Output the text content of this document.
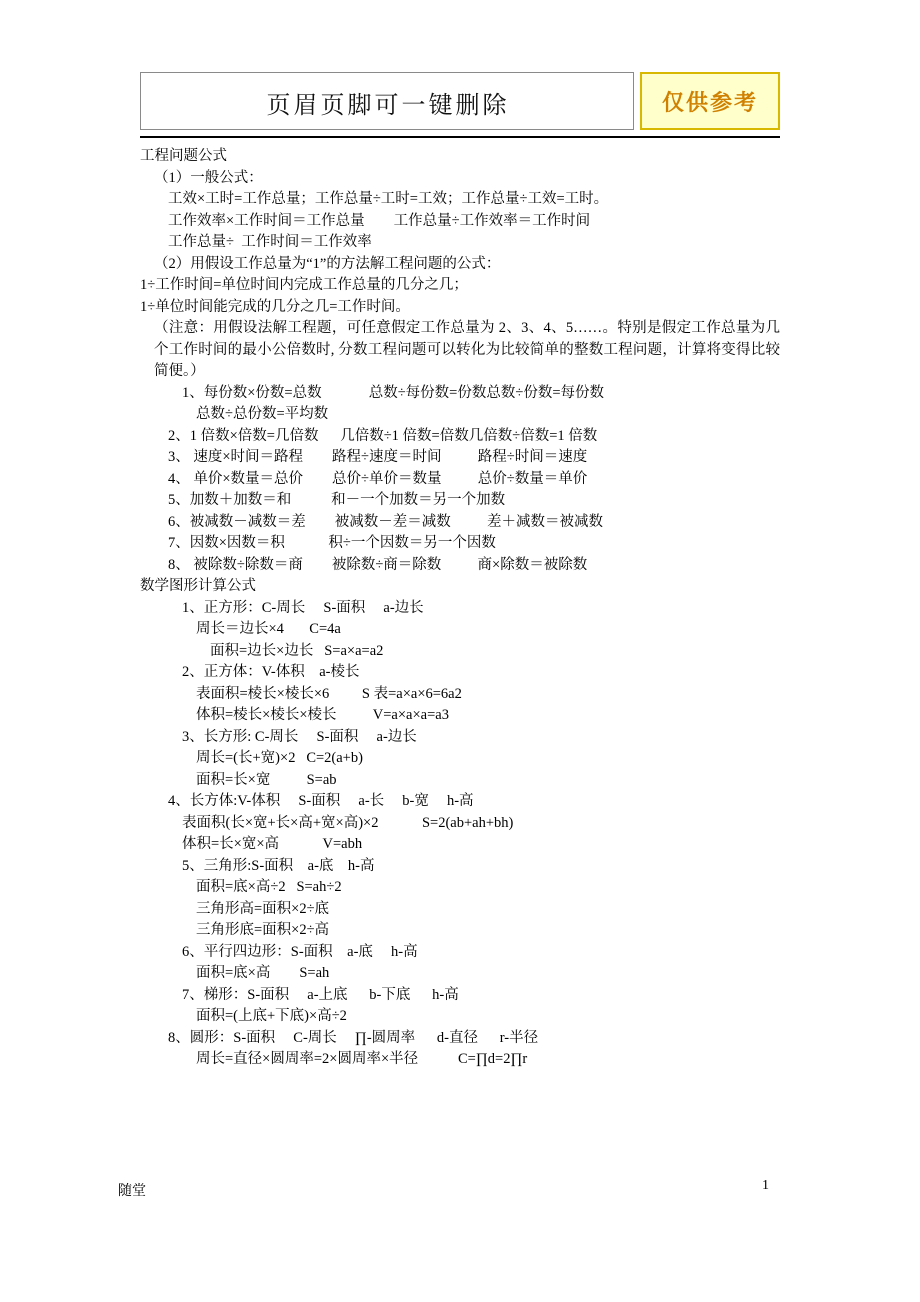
页眉页脚可一键删除	仅供参考
工程问题公式
（1）一般公式：
工效×工时=工作总量；工作总量÷工时=工效；工作总量÷工效=工时。
工作效率×工作时间＝工作总量        工作总量÷工作效率＝工作时间
工作总量÷  工作时间＝工作效率
（2）用假设工作总量为“1”的方法解工程问题的公式：
1÷工作时间=单位时间内完成工作总量的几分之几；
1÷单位时间能完成的几分之几=工作时间。
（注意：用假设法解工程题，可任意假定工作总量为 2、3、4、5……。特别是假定工作总量为几个工作时间的最小公倍数时, 分数工程问题可以转化为比较简单的整数工程问题，计算将变得比较简便。）
1、每份数×份数=总数             总数÷每份数=份数总数÷份数=每份数
总数÷总份数=平均数
2、1 倍数×倍数=几倍数      几倍数÷1 倍数=倍数几倍数÷倍数=1 倍数
3、 速度×时间＝路程        路程÷速度＝时间          路程÷时间＝速度
4、 单价×数量＝总价        总价÷单价＝数量          总价÷数量＝单价
5、加数＋加数＝和           和－一个加数＝另一个加数
6、被减数－减数＝差        被减数－差＝减数          差＋减数＝被减数
7、因数×因数＝积            积÷一个因数＝另一个因数
8、 被除数÷除数＝商        被除数÷商＝除数          商×除数＝被除数
数学图形计算公式
1、正方形：C-周长     S-面积     a-边长
周长＝边长×4       C=4a
面积=边长×边长   S=a×a=a2
2、正方体：V-体积    a-棱长
表面积=棱长×棱长×6         S 表=a×a×6=6a2
体积=棱长×棱长×棱长          V=a×a×a=a3
3、长方形: C-周长     S-面积     a-边长
周长=(长+宽)×2   C=2(a+b)
面积=长×宽          S=ab
4、长方体:V-体积     S-面积     a-长     b-宽     h-高
表面积(长×宽+长×高+宽×高)×2            S=2(ab+ah+bh)
体积=长×宽×高            V=abh
5、三角形:S-面积    a-底    h-高
面积=底×高÷2   S=ah÷2
三角形高=面积×2÷底
三角形底=面积×2÷高
6、平行四边形：S-面积    a-底     h-高
面积=底×高        S=ah
7、梯形：S-面积     a-上底      b-下底      h-高
面积=(上底+下底)×高÷2
8、圆形：S-面积     C-周长     ∏-圆周率      d-直径      r-半径
周长=直径×圆周率=2×圆周率×半径           C=∏d=2∏r
随堂	1
